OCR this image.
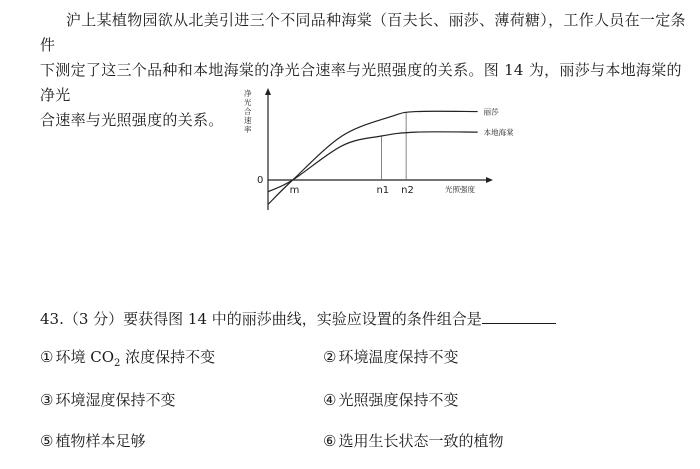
沪上某植物园欲从北美引进三个不同品种海棠（百夫长、丽莎、薄荷糖），工作人员在一定条件

下测定了这三个品种和本地海棠的净光合速率与光照强度的关系。图 14 为，丽莎与本地海棠的净光

合速率与光照强度的关系。

净光合速率
0
光照强度
m	n1 n2
丽莎
本地海棠
43.（3 分）要获得图 14 中的丽莎曲线，实验应设置的条件组合是
① 环境 $CO_2$ 浓度保持不变	② 环境温度保持不变
③ 环境湿度保持不变	④ 光照强度保持不变
⑤ 植物样本足够	⑥ 选用生长状态一致的植物
